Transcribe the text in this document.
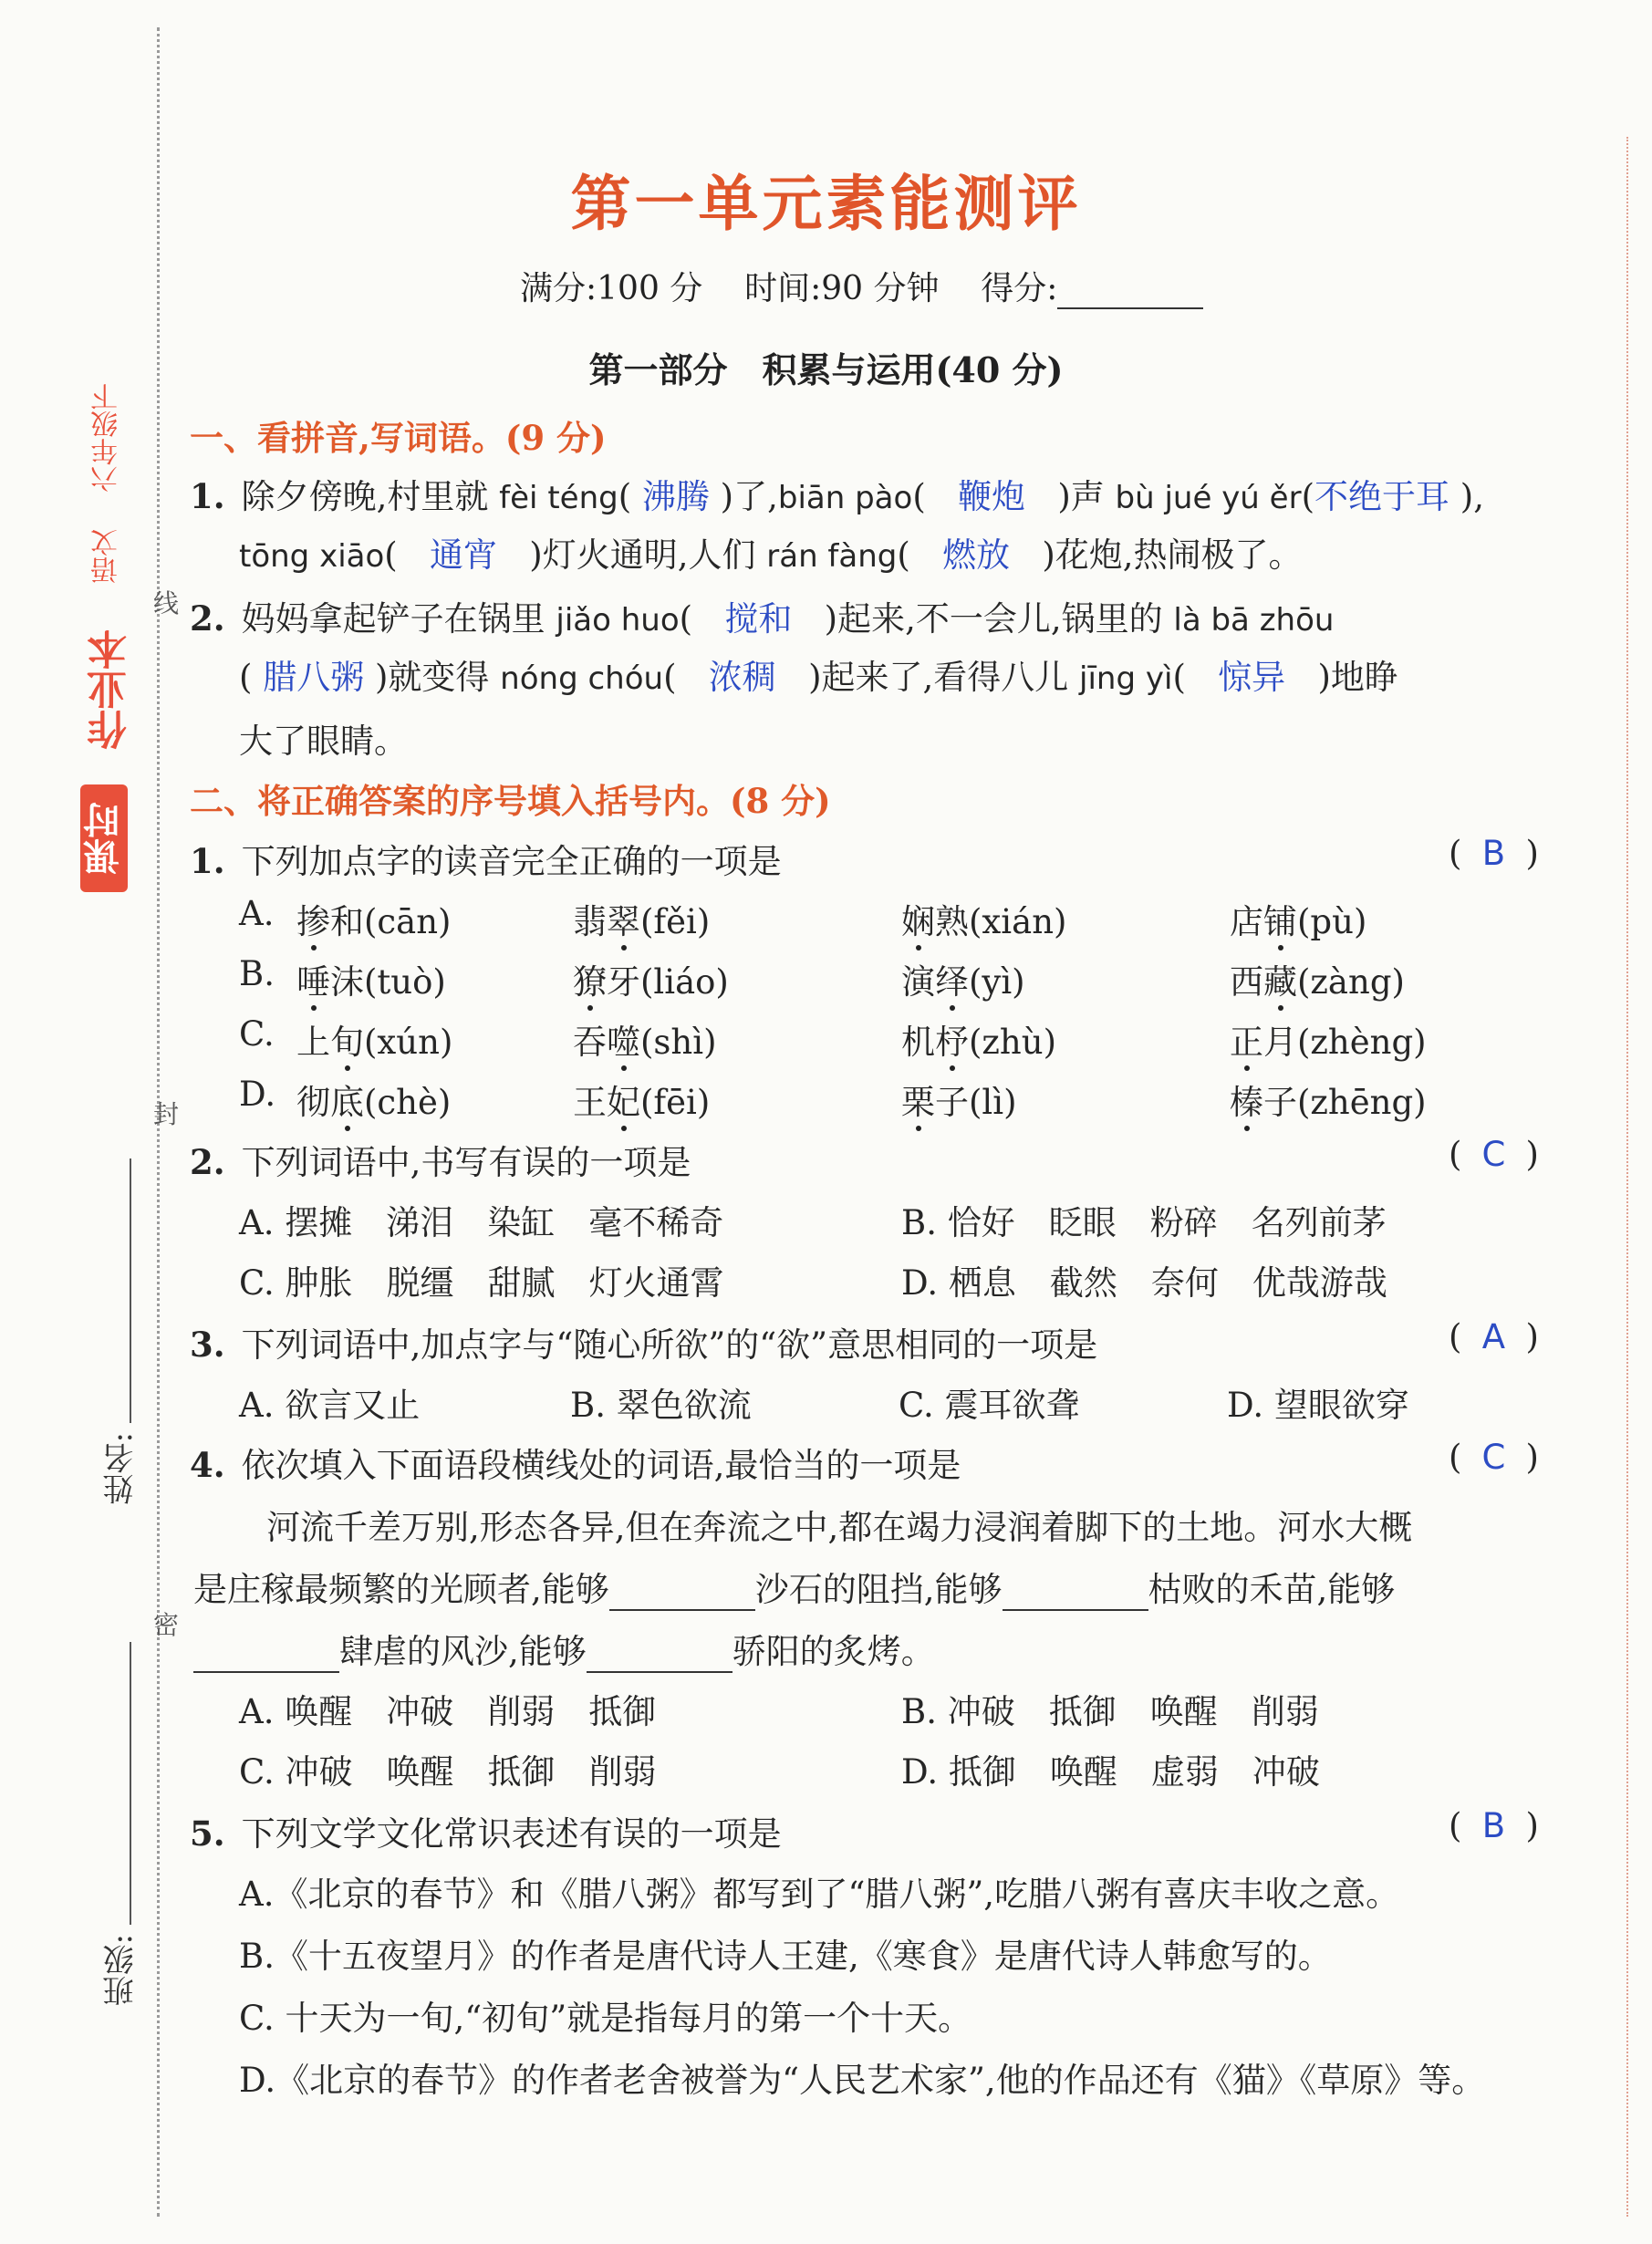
课时
作业本
语文
六年级下
线
封
密
姓名:
班级:
第一单元素能测评
满分:100 分 时间:90 分钟 得分:
第一部分　积累与运用(40 分)
一、看拼音,写词语。(9 分)
1. 除夕傍晚,村里就 fèi téng( 沸腾 )了,biān pào(   鞭炮   )声 bù jué yú ěr(不绝于耳 ),
tōng xiāo(   通宵   )灯火通明,人们 rán fàng(   燃放   )花炮,热闹极了。
2. 妈妈拿起铲子在锅里 jiǎo huo(   搅和   )起来,不一会儿,锅里的 là bā zhōu
( 腊八粥 )就变得 nóng chóu(   浓稠   )起来了,看得八儿 jīng yì(   惊异   )地睁
大了眼睛。
二、将正确答案的序号填入括号内。(8 分)
1. 下列加点字的读音完全正确的一项是	( B )
A. 掺和(cān)	翡翠(fěi)	娴熟(xián)	店铺(pù)
B. 唾沫(tuò)	獠牙(liáo)	演绎(yì)	西藏(zàng)
C. 上旬(xún)	吞噬(shì)	机杼(zhù)	正月(zhèng)
D. 彻底(chè)	王妃(fēi)	栗子(lì)	榛子(zhēng)
2. 下列词语中,书写有误的一项是	( C )
A. 摆摊　涕泪　染缸　毫不稀奇	B. 恰好　眨眼　粉碎　名列前茅
C. 肿胀　脱缰　甜腻　灯火通霄	D. 栖息　截然　奈何　优哉游哉
3. 下列词语中,加点字与“随心所欲”的“欲”意思相同的一项是	( A )
A. 欲言又止	B. 翠色欲流	C. 震耳欲聋	D. 望眼欲穿
4. 依次填入下面语段横线处的词语,最恰当的一项是	( C )
河流千差万别,形态各异,但在奔流之中,都在竭力浸润着脚下的土地。河水大概
是庄稼最频繁的光顾者,能够	沙石的阻挡,能够	枯败的禾苗,能够
肆虐的风沙,能够	骄阳的炙烤。
A. 唤醒　冲破　削弱　抵御	B. 冲破　抵御　唤醒　削弱
C. 冲破　唤醒　抵御　削弱	D. 抵御　唤醒　虚弱　冲破
5. 下列文学文化常识表述有误的一项是	( B )
A.《北京的春节》和《腊八粥》都写到了“腊八粥”,吃腊八粥有喜庆丰收之意。
B.《十五夜望月》的作者是唐代诗人王建,《寒食》是唐代诗人韩愈写的。
C. 十天为一旬,“初旬”就是指每月的第一个十天。
D.《北京的春节》的作者老舍被誉为“人民艺术家”,他的作品还有《猫》《草原》等。
